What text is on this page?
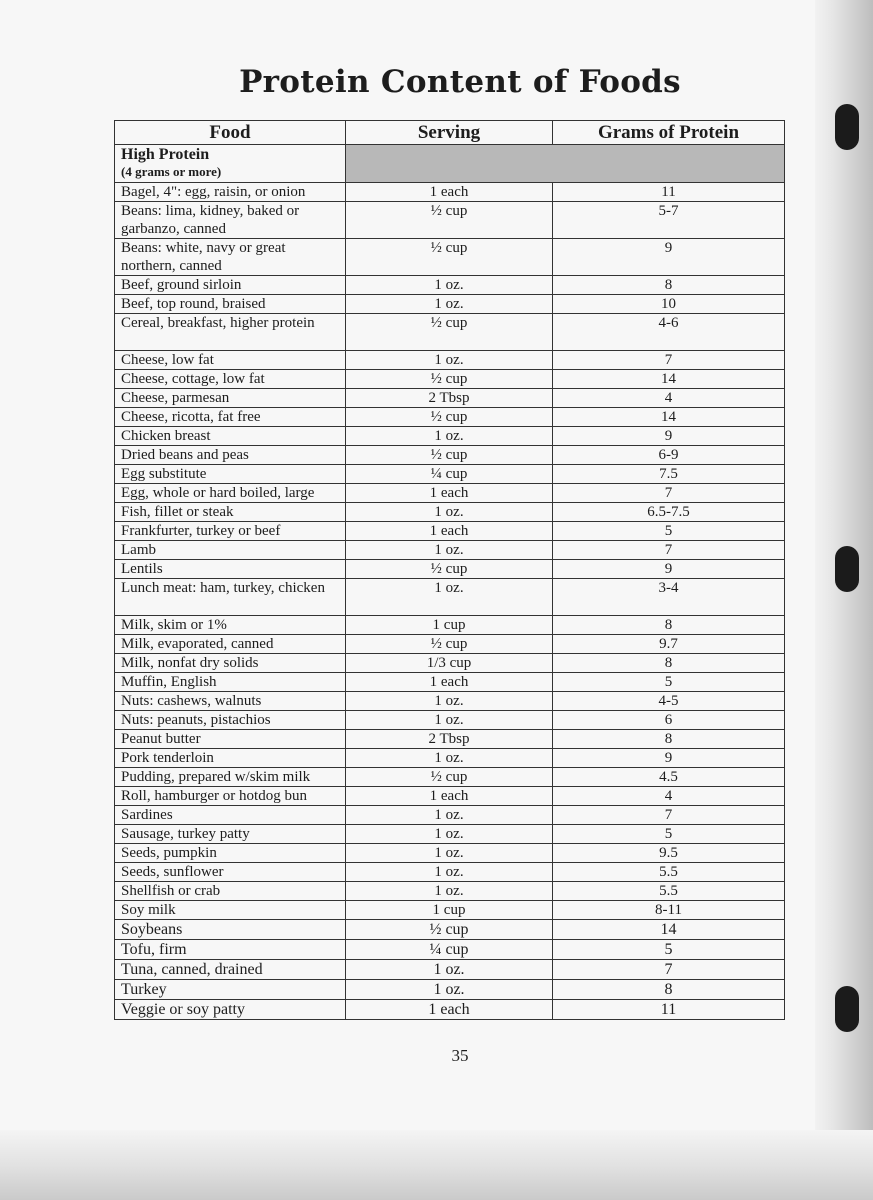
Protein Content of Foods
Food	Serving	Grams of Protein

High Protein
(4 grams or more)		

Bagel, 4": egg, raisin, or onion	1 each	11
Beans: lima, kidney, baked or garbanzo, canned	½ cup	5-7
Beans: white, navy or great northern, canned	½ cup	9
Beef, ground sirloin	1 oz.	8
Beef, top round, braised	1 oz.	10
Cereal, breakfast, higher protein	½ cup	4-6
Cheese, low fat	1 oz.	7
Cheese, cottage, low fat	½ cup	14
Cheese, parmesan	2 Tbsp	4
Cheese, ricotta, fat free	½ cup	14
Chicken breast	1 oz.	9
Dried beans and peas	½ cup	6-9
Egg substitute	¼ cup	7.5
Egg, whole or hard boiled, large	1 each	7
Fish, fillet or steak	1 oz.	6.5-7.5
Frankfurter, turkey or beef	1 each	5
Lamb	1 oz.	7
Lentils	½ cup	9
Lunch meat: ham, turkey, chicken	1 oz.	3-4
Milk, skim or 1%	1 cup	8
Milk, evaporated, canned	½ cup	9.7
Milk, nonfat dry solids	1/3 cup	8
Muffin, English	1 each	5
Nuts: cashews, walnuts	1 oz.	4-5
Nuts: peanuts, pistachios	1 oz.	6
Peanut butter	2 Tbsp	8
Pork tenderloin	1 oz.	9
Pudding, prepared w/skim milk	½ cup	4.5
Roll, hamburger or hotdog bun	1 each	4
Sardines	1 oz.	7
Sausage, turkey patty	1 oz.	5
Seeds, pumpkin	1 oz.	9.5
Seeds, sunflower	1 oz.	5.5
Shellfish or crab	1 oz.	5.5
Soy milk	1 cup	8-11
Soybeans	½ cup	14
Tofu, firm	¼ cup	5
Tuna, canned, drained	1 oz.	7
Turkey	1 oz.	8
Veggie or soy patty	1 each	11
35
